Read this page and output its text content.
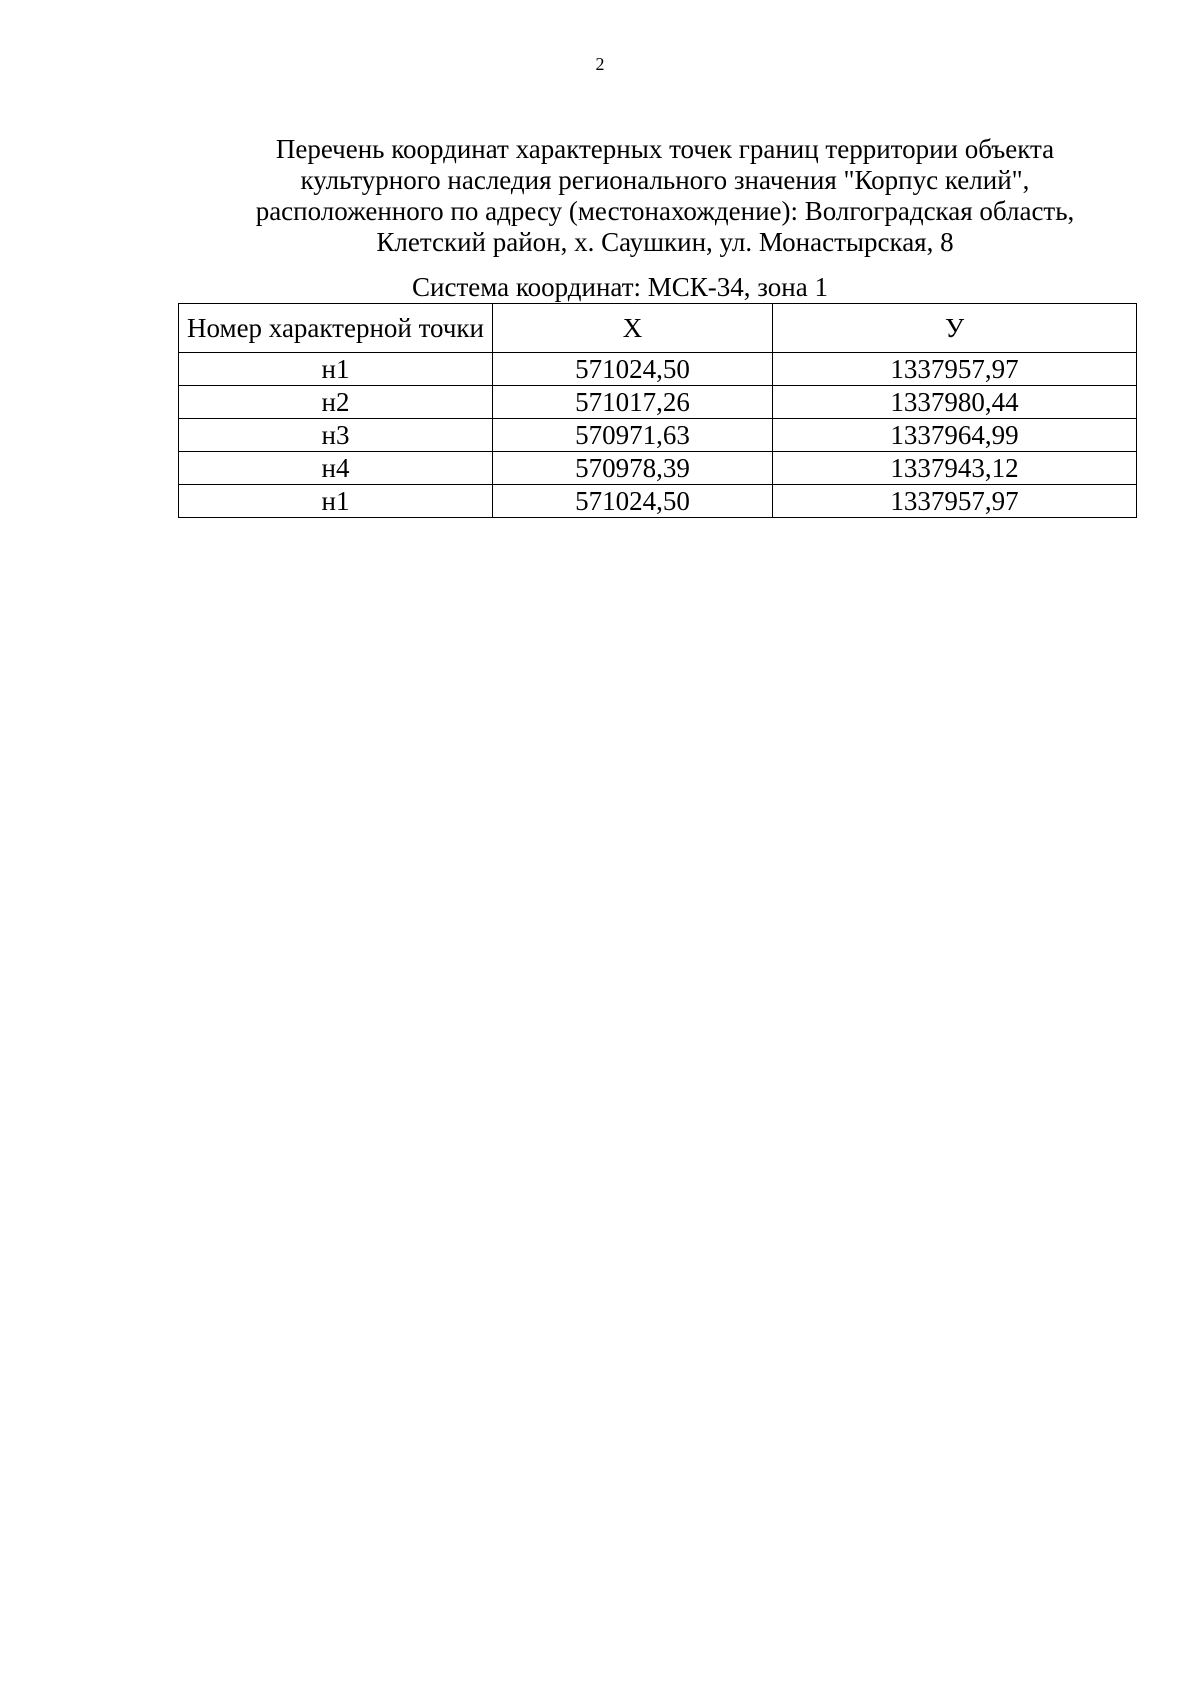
2
Перечень координат характерных точек границ территории объекта
культурного наследия регионального значения "Корпус келий",
расположенного по адресу (местонахождение): Волгоградская область,
Клетский район, х. Саушкин, ул. Монастырская, 8
Система координат: МСК-34, зона 1
Номер характерной точки	X	У
н1	571024,50	1337957,97
н2	571017,26	1337980,44
н3	570971,63	1337964,99
н4	570978,39	1337943,12
н1	571024,50	1337957,97
